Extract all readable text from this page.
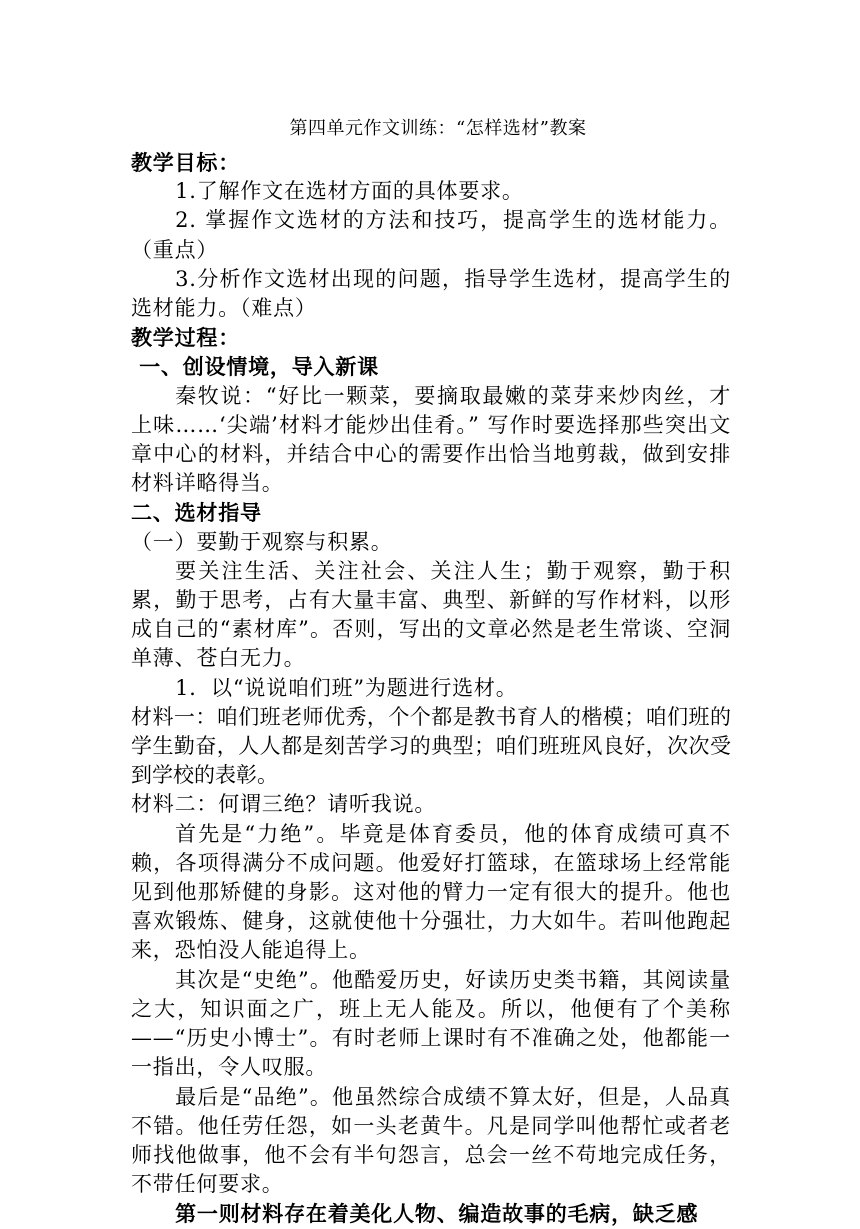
第四单元作文训练：“怎样选材”教案

教学目标：

1.了解作文在选材方面的具体要求。

2. 掌握作文选材的方法和技巧，提高学生的选材能力。（重点）

3.分析作文选材出现的问题，指导学生选材，提高学生的选材能力。（难点）

教学过程：

一、创设情境，导入新课

秦牧说：“好比一颗菜，要摘取最嫩的菜芽来炒肉丝，才上味……‘尖端’材料才能炒出佳肴。” 写作时要选择那些突出文章中心的材料，并结合中心的需要作出恰当地剪裁，做到安排材料详略得当。

二、选材指导

（一）要勤于观察与积累。

要关注生活、关注社会、关注人生；勤于观察，勤于积累，勤于思考，占有大量丰富、典型、新鲜的写作材料，以形成自己的“素材库”。否则，写出的文章必然是老生常谈、空洞单薄、苍白无力。

1．以“说说咱们班”为题进行选材。

材料一：咱们班老师优秀，个个都是教书育人的楷模；咱们班的学生勤奋，人人都是刻苦学习的典型；咱们班班风良好，次次受到学校的表彰。

材料二：何谓三绝？请听我说。

首先是“力绝”。毕竟是体育委员，他的体育成绩可真不赖，各项得满分不成问题。他爱好打篮球，在篮球场上经常能见到他那矫健的身影。这对他的臂力一定有很大的提升。他也喜欢锻炼、健身，这就使他十分强壮，力大如牛。若叫他跑起来，恐怕没人能追得上。

其次是“史绝”。他酷爱历史，好读历史类书籍，其阅读量之大，知识面之广，班上无人能及。所以，他便有了个美称——“历史小博士”。有时老师上课时有不准确之处，他都能一一指出，令人叹服。

最后是“品绝”。他虽然综合成绩不算太好，但是，人品真不错。他任劳任怨，如一头老黄牛。凡是同学叫他帮忙或者老师找他做事，他不会有半句怨言，总会一丝不苟地完成任务，不带任何要求。

第一则材料存在着美化人物、编造故事的毛病，缺乏感
